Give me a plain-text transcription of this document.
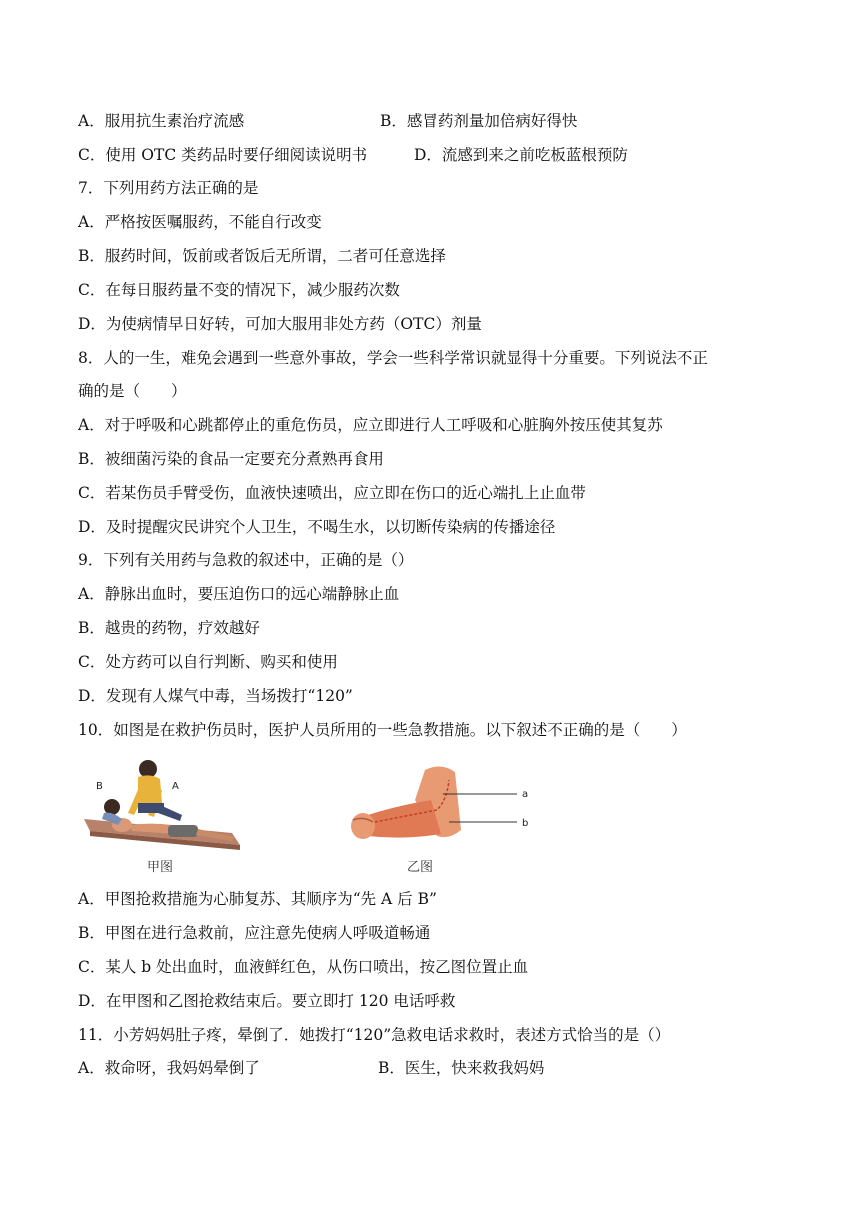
A．服用抗生素治疗流感	B．感冒药剂量加倍病好得快
C．使用 OTC 类药品时要仔细阅读说明书	D．流感到来之前吃板蓝根预防
7．下列用药方法正确的是
A．严格按医嘱服药，不能自行改变
B．服药时间，饭前或者饭后无所谓，二者可任意选择
C．在每日服药量不变的情况下，减少服药次数
D．为使病情早日好转，可加大服用非处方药（OTC）剂量
8．人的一生，难免会遇到一些意外事故，学会一些科学常识就显得十分重要。下列说法不正
确的是（　　）
A．对于呼吸和心跳都停止的重危伤员，应立即进行人工呼吸和心脏胸外按压使其复苏
B．被细菌污染的食品一定要充分煮熟再食用
C．若某伤员手臂受伤，血液快速喷出，应立即在伤口的近心端扎上止血带
D．及时提醒灾民讲究个人卫生，不喝生水，以切断传染病的传播途径
9．下列有关用药与急救的叙述中，正确的是（）
A．静脉出血时，要压迫伤口的远心端静脉止血
B．越贵的药物，疗效越好
C．处方药可以自行判断、购买和使用
D．发现有人煤气中毒，当场拨打“120”
10．如图是在救护伤员时，医护人员所用的一些急教措施。以下叙述不正确的是（　　）
B	A
甲图
a
b
乙图
A．甲图抢救措施为心肺复苏、其顺序为“先 A 后 B”
B．甲图在进行急救前，应注意先使病人呼吸道畅通
C．某人 b 处出血时，血液鲜红色，从伤口喷出，按乙图位置止血
D．在甲图和乙图抢救结束后。要立即打 120 电话呼救
11．小芳妈妈肚子疼，晕倒了．她拨打“120”急救电话求救时，表述方式恰当的是（）
A．救命呀，我妈妈晕倒了	B．医生，快来救我妈妈
